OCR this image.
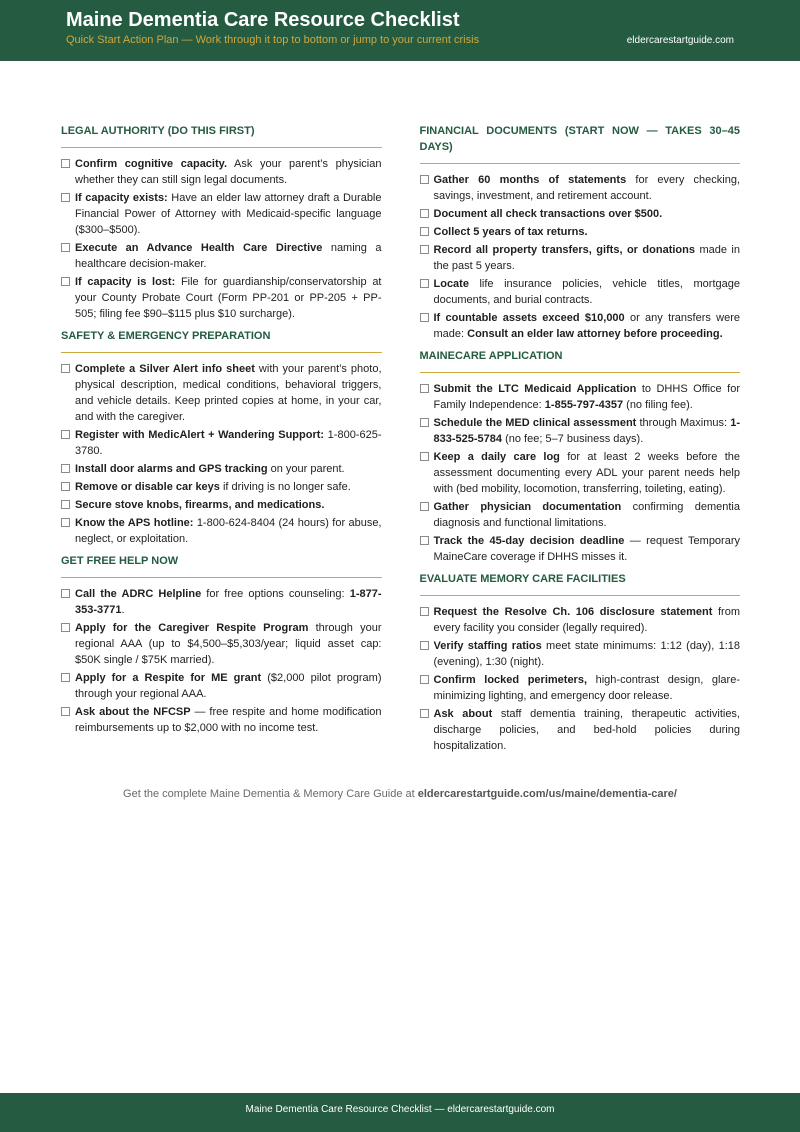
Maine Dementia Care Resource Checklist
Quick Start Action Plan — Work through it top to bottom or jump to your current crisis	eldercarestartguide.com
LEGAL AUTHORITY (DO THIS FIRST)
Confirm cognitive capacity. Ask your parent’s physician whether they can still sign legal documents.
If capacity exists: Have an elder law attorney draft a Durable Financial Power of Attorney with Medicaid-specific language ($300–$500).
Execute an Advance Health Care Directive naming a healthcare decision-maker.
If capacity is lost: File for guardianship/conservatorship at your County Probate Court (Form PP-201 or PP-205 + PP-505; filing fee $90–$115 plus $10 surcharge).
SAFETY & EMERGENCY PREPARATION
Complete a Silver Alert info sheet with your parent’s photo, physical description, medical conditions, behavioral triggers, and vehicle details. Keep printed copies at home, in your car, and with the caregiver.
Register with MedicAlert + Wandering Support: 1-800-625-3780.
Install door alarms and GPS tracking on your parent.
Remove or disable car keys if driving is no longer safe.
Secure stove knobs, firearms, and medications.
Know the APS hotline: 1-800-624-8404 (24 hours) for abuse, neglect, or exploitation.
GET FREE HELP NOW
Call the ADRC Helpline for free options counseling: 1-877-353-3771.
Apply for the Caregiver Respite Program through your regional AAA (up to $4,500–$5,303/year; liquid asset cap: $50K single / $75K married).
Apply for a Respite for ME grant ($2,000 pilot program) through your regional AAA.
Ask about the NFCSP — free respite and home modification reimbursements up to $2,000 with no income test.
FINANCIAL DOCUMENTS (START NOW — TAKES 30–45 DAYS)
Gather 60 months of statements for every checking, savings, investment, and retirement account.
Document all check transactions over $500.
Collect 5 years of tax returns.
Record all property transfers, gifts, or donations made in the past 5 years.
Locate life insurance policies, vehicle titles, mortgage documents, and burial contracts.
If countable assets exceed $10,000 or any transfers were made: Consult an elder law attorney before proceeding.
MAINECARE APPLICATION
Submit the LTC Medicaid Application to DHHS Office for Family Independence: 1-855-797-4357 (no filing fee).
Schedule the MED clinical assessment through Maximus: 1-833-525-5784 (no fee; 5–7 business days).
Keep a daily care log for at least 2 weeks before the assessment documenting every ADL your parent needs help with (bed mobility, locomotion, transferring, toileting, eating).
Gather physician documentation confirming dementia diagnosis and functional limitations.
Track the 45-day decision deadline — request Temporary MaineCare coverage if DHHS misses it.
EVALUATE MEMORY CARE FACILITIES
Request the Resolve Ch. 106 disclosure statement from every facility you consider (legally required).
Verify staffing ratios meet state minimums: 1:12 (day), 1:18 (evening), 1:30 (night).
Confirm locked perimeters, high-contrast design, glare-minimizing lighting, and emergency door release.
Ask about staff dementia training, therapeutic activities, discharge policies, and bed-hold policies during hospitalization.
Get the complete Maine Dementia & Memory Care Guide at eldercarestartguide.com/us/maine/dementia-care/
Maine Dementia Care Resource Checklist — eldercarestartguide.com
